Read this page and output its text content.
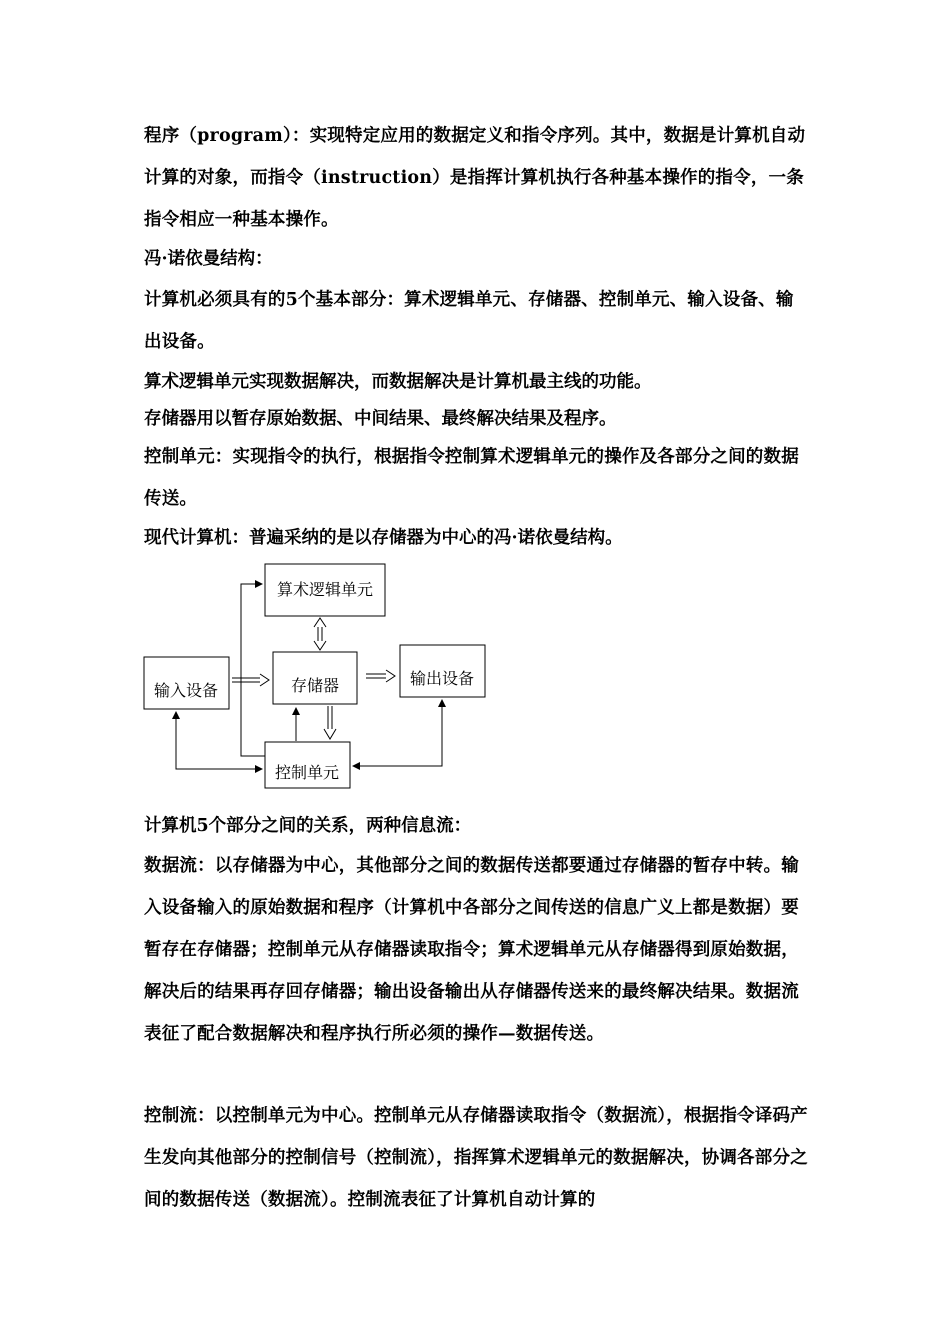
程序（program）：实现特定应用的数据定义和指令序列。其中，数据是计算机自动计算的对象，而指令（instruction）是指挥计算机执行各种基本操作的指令，一条指令相应一种基本操作。

冯·诺依曼结构：

计算机必须具有的5个基本部分：算术逻辑单元、存储器、控制单元、输入设备、输出设备。

算术逻辑单元实现数据解决，而数据解决是计算机最主线的功能。

存储器用以暂存原始数据、中间结果、最终解决结果及程序。

控制单元：实现指令的执行，根据指令控制算术逻辑单元的操作及各部分之间的数据传送。

现代计算机：普遍采纳的是以存储器为中心的冯·诺依曼结构。

算术逻辑单元
输入设备	存储器	输出设备
控制单元

计算机5个部分之间的关系，两种信息流：

数据流：以存储器为中心，其他部分之间的数据传送都要通过存储器的暂存中转。输入设备输入的原始数据和程序（计算机中各部分之间传送的信息广义上都是数据）要暂存在存储器；控制单元从存储器读取指令；算术逻辑单元从存储器得到原始数据，解决后的结果再存回存储器；输出设备输出从存储器传送来的最终解决结果。数据流表征了配合数据解决和程序执行所必须的操作—数据传送。

控制流：以控制单元为中心。控制单元从存储器读取指令（数据流），根据指令译码产生发向其他部分的控制信号（控制流），指挥算术逻辑单元的数据解决，协调各部分之间的数据传送（数据流）。控制流表征了计算机自动计算的
